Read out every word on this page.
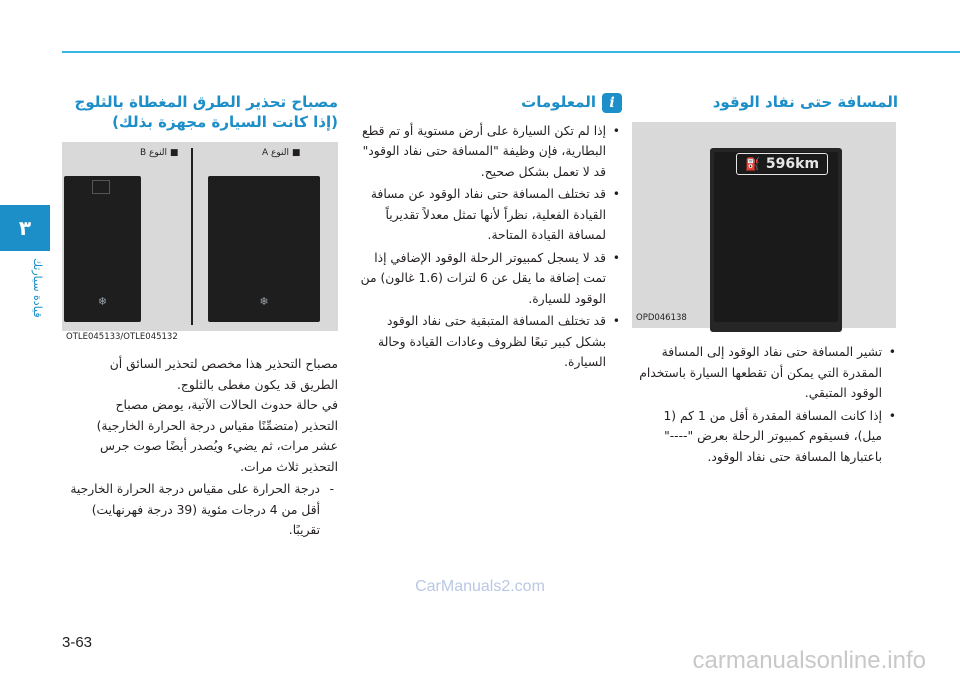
٣
قيادة سيارتك
المسافة حتى نفاد الوقود
⛽ 596km
OPD046138
• تشير المسافة حتى نفاد الوقود إلى المسافة المقدرة التي يمكن أن تقطعها السيارة باستخدام الوقود المتبقي.
• إذا كانت المسافة المقدرة أقل من 1 كم (1 ميل)، فسيقوم كمبيوتر الرحلة بعرض "----" باعتبارها المسافة حتى نفاد الوقود.
iالمعلومات
• إذا لم تكن السيارة على أرض مستوية أو تم قطع البطارية، فإن وظيفة "المسافة حتى نفاد الوقود" قد لا تعمل بشكل صحيح.
• قد تختلف المسافة حتى نفاد الوقود عن مسافة القيادة الفعلية، نظراً لأنها تمثل معدلاً تقديرياً لمسافة القيادة المتاحة.
• قد لا يسجل كمبيوتر الرحلة الوقود الإضافي إذا تمت إضافة ما يقل عن 6 لترات (1.6 غالون) من الوقود للسيارة.
• قد تختلف المسافة المتبقية حتى نفاد الوقود بشكل كبير تبعًا لظروف وعادات القيادة وحالة السيارة.
مصباح تحذير الطرق المغطاة بالثلوج
(إذا كانت السيارة مجهزة بذلك)
■ النوع A
■ النوع B
❄
❄
OTLE045133/OTLE045132
مصباح التحذير هذا مخصص لتحذير السائق أن
الطريق قد يكون مغطى بالثلوج.
في حالة حدوث الحالات الآتية، يومض مصباح
التحذير (متضمِّنًا مقياس درجة الحرارة الخارجية)
عشر مرات، ثم يضيء ويُصدر أيضًا صوت جرس
التحذير ثلاث مرات.
- درجة الحرارة على مقياس درجة الحرارة الخارجية أقل من 4 درجات مئوية (39 درجة فهرنهايت) تقريبًا.
CarManuals2.com
3-63
carmanualsonline.info
